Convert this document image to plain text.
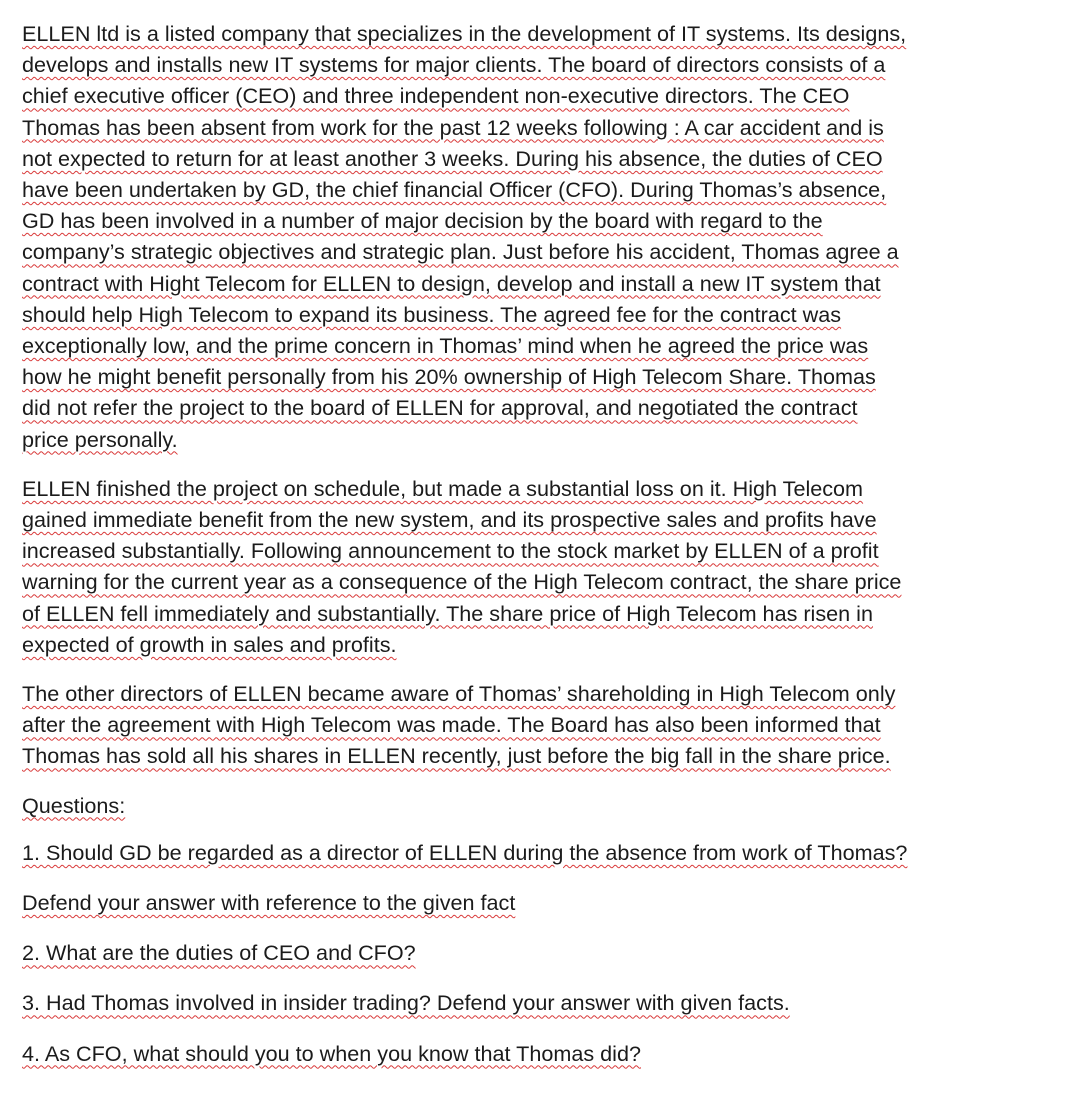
ELLEN ltd is a listed company that specializes in the development of IT systems. Its designs,
develops and installs new IT systems for major clients. The board of directors consists of a
chief executive officer (CEO) and three independent non-executive directors. The CEO
Thomas has been absent from work for the past 12 weeks following : A car accident and is
not expected to return for at least another 3 weeks. During his absence, the duties of CEO
have been undertaken by GD, the chief financial Officer (CFO). During Thomas’s absence,
GD has been involved in a number of major decision by the board with regard to the
company’s strategic objectives and strategic plan. Just before his accident, Thomas agree a
contract with Hight Telecom for ELLEN to design, develop and install a new IT system that
should help High Telecom to expand its business. The agreed fee for the contract was
exceptionally low, and the prime concern in Thomas’ mind when he agreed the price was
how he might benefit personally from his 20% ownership of High Telecom Share. Thomas
did not refer the project to the board of ELLEN for approval, and negotiated the contract
price personally.
ELLEN finished the project on schedule, but made a substantial loss on it. High Telecom
gained immediate benefit from the new system, and its prospective sales and profits have
increased substantially. Following announcement to the stock market by ELLEN of a profit
warning for the current year as a consequence of the High Telecom contract, the share price
of ELLEN fell immediately and substantially. The share price of High Telecom has risen in
expected of growth in sales and profits.
The other directors of ELLEN became aware of Thomas’ shareholding in High Telecom only
after the agreement with High Telecom was made. The Board has also been informed that
Thomas has sold all his shares in ELLEN recently, just before the big fall in the share price.
Questions:
1. Should GD be regarded as a director of ELLEN during the absence from work of Thomas?
Defend your answer with reference to the given fact
2. What are the duties of CEO and CFO?
3. Had Thomas involved in insider trading? Defend your answer with given facts.
4. As CFO, what should you to when you know that Thomas did?
